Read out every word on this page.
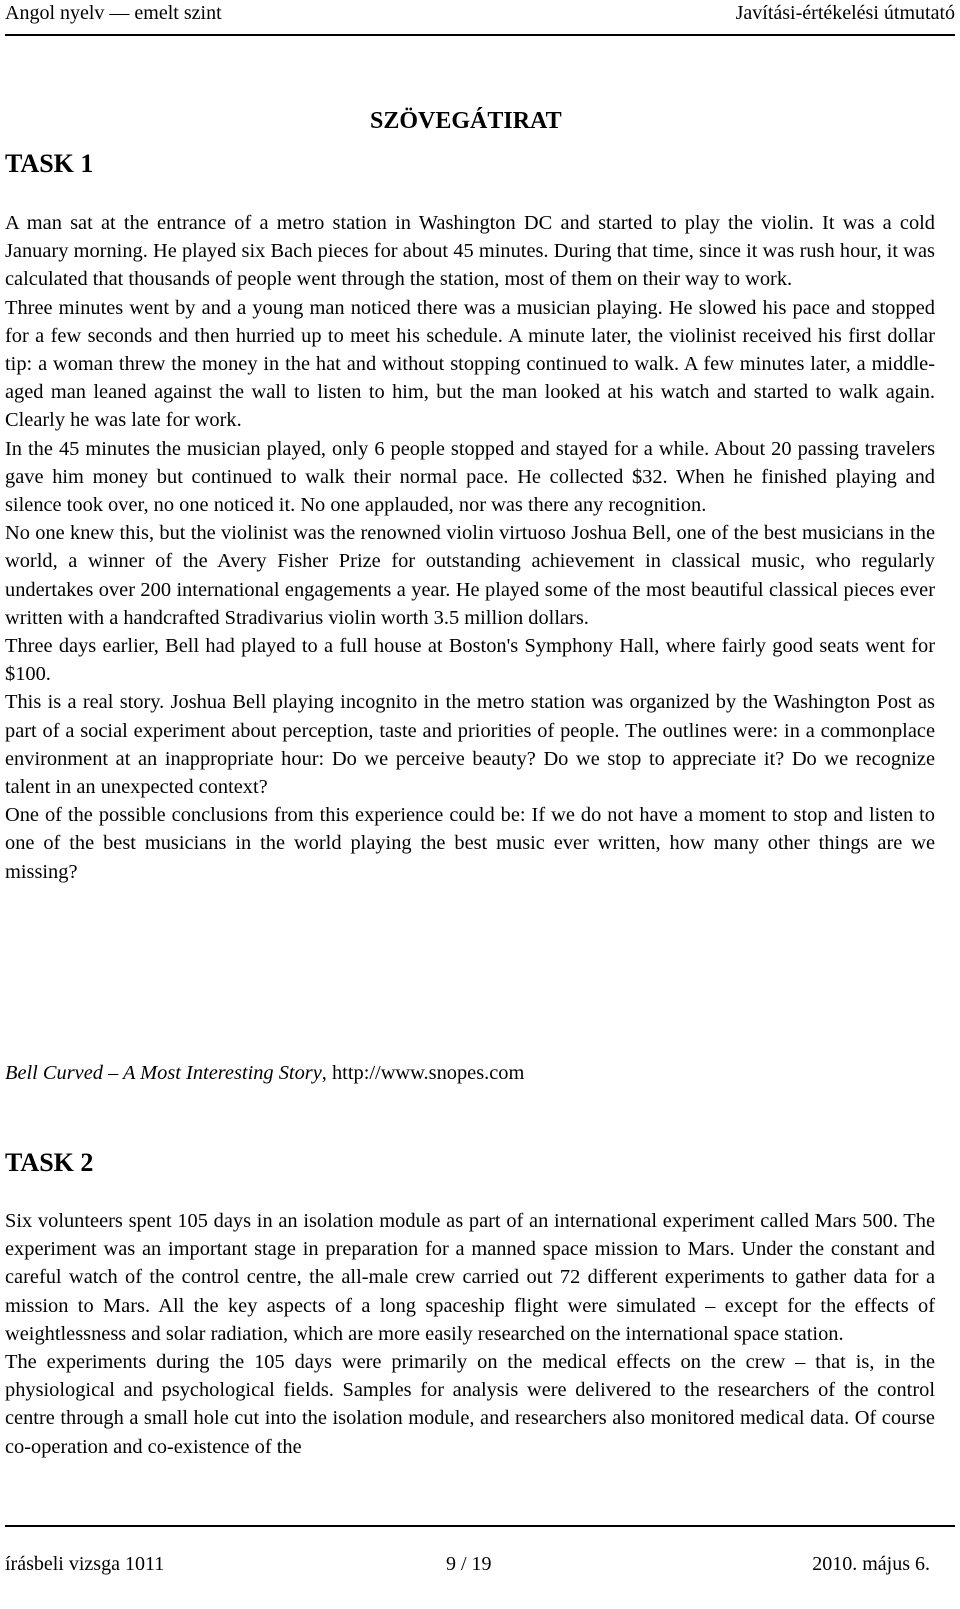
Angol nyelv — emelt szint	Javítási-értékelési útmutató
SZÖVEGÁTIRAT
TASK 1

A man sat at the entrance of a metro station in Washington DC and started to play the violin. It was a cold January morning. He played six Bach pieces for about 45 minutes. During that time, since it was rush hour, it was calculated that thousands of people went through the station, most of them on their way to work.

Three minutes went by and a young man noticed there was a musician playing. He slowed his pace and stopped for a few seconds and then hurried up to meet his schedule. A minute later, the violinist received his first dollar tip: a woman threw the money in the hat and without stopping continued to walk. A few minutes later, a middle-aged man leaned against the wall to listen to him, but the man looked at his watch and started to walk again. Clearly he was late for work.

In the 45 minutes the musician played, only 6 people stopped and stayed for a while. About 20 passing travelers gave him money but continued to walk their normal pace. He collected $32. When he finished playing and silence took over, no one noticed it. No one applauded, nor was there any recognition.

No one knew this, but the violinist was the renowned violin virtuoso Joshua Bell, one of the best musicians in the world, a winner of the Avery Fisher Prize for outstanding achievement in classical music, who regularly undertakes over 200 international engagements a year. He played some of the most beautiful classical pieces ever written with a handcrafted Stradivarius violin worth 3.5 million dollars.

Three days earlier, Bell had played to a full house at Boston's Symphony Hall, where fairly good seats went for $100.

This is a real story. Joshua Bell playing incognito in the metro station was organized by the Washington Post as part of a social experiment about perception, taste and priorities of people. The outlines were: in a commonplace environment at an inappropriate hour: Do we perceive beauty? Do we stop to appreciate it? Do we recognize talent in an unexpected context?

One of the possible conclusions from this experience could be: If we do not have a moment to stop and listen to one of the best musicians in the world playing the best music ever written, how many other things are we missing?

Bell Curved – A Most Interesting Story, http://www.snopes.com
TASK 2

Six volunteers spent 105 days in an isolation module as part of an international experiment called Mars 500. The experiment was an important stage in preparation for a manned space mission to Mars. Under the constant and careful watch of the control centre, the all-male crew carried out 72 different experiments to gather data for a mission to Mars. All the key aspects of a long spaceship flight were simulated – except for the effects of weightlessness and solar radiation, which are more easily researched on the international space station.

The experiments during the 105 days were primarily on the medical effects on the crew – that is, in the physiological and psychological fields. Samples for analysis were delivered to the researchers of the control centre through a small hole cut into the isolation module, and researchers also monitored medical data. Of course co-operation and co-existence of the

írásbeli vizsga 1011	9 / 19	2010. május 6.
